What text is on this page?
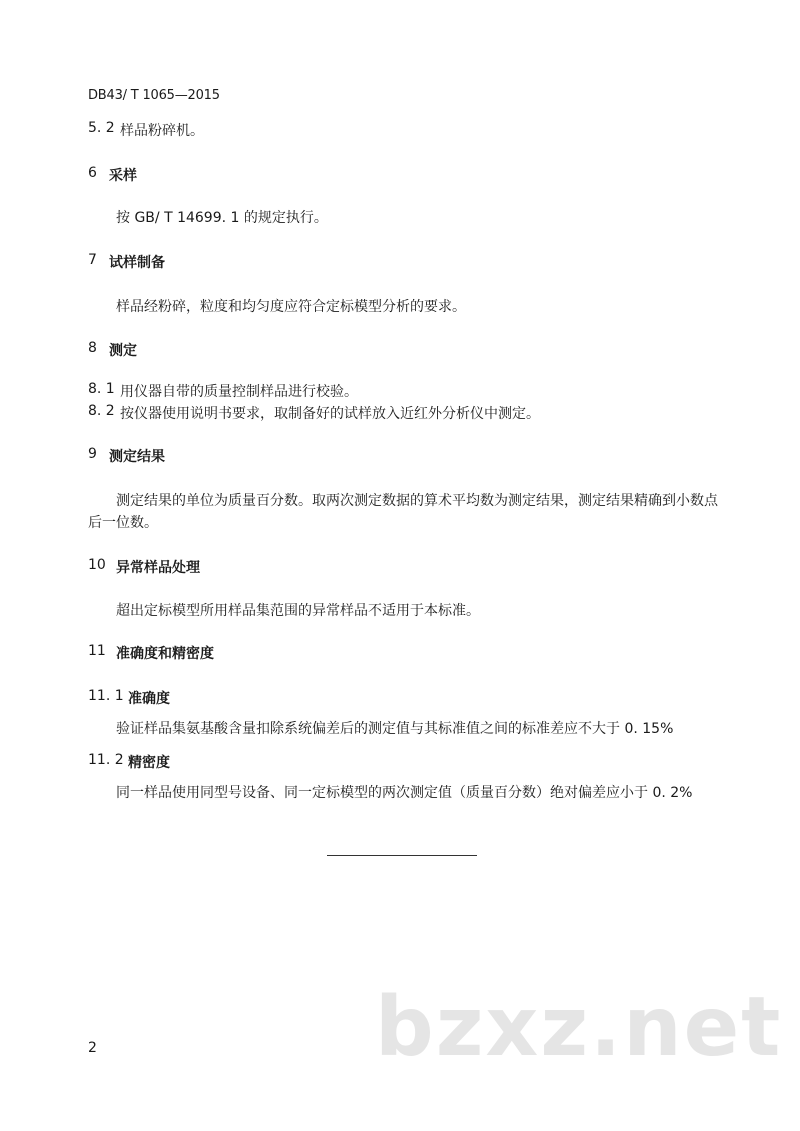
DB43/ T 1065—2015
5. 2 样品粉碎机。
6 采样
按 GB/ T 14699. 1 的规定执行。
7 试样制备
样品经粉碎，粒度和均匀度应符合定标模型分析的要求。
8 测定
8. 1 用仪器自带的质量控制样品进行校验。
8. 2 按仪器使用说明书要求，取制备好的试样放入近红外分析仪中测定。
9 测定结果
测定结果的单位为质量百分数。取两次测定数据的算术平均数为测定结果，测定结果精确到小数点
后一位数。
10 异常样品处理
超出定标模型所用样品集范围的异常样品不适用于本标准。
11 准确度和精密度
11. 1 准确度
验证样品集氨基酸含量扣除系统偏差后的测定值与其标准值之间的标准差应不大于 0. 15%
11. 2 精密度
同一样品使用同型号设备、同一定标模型的两次测定值（质量百分数）绝对偏差应小于 0. 2%
bzxz.net
2
